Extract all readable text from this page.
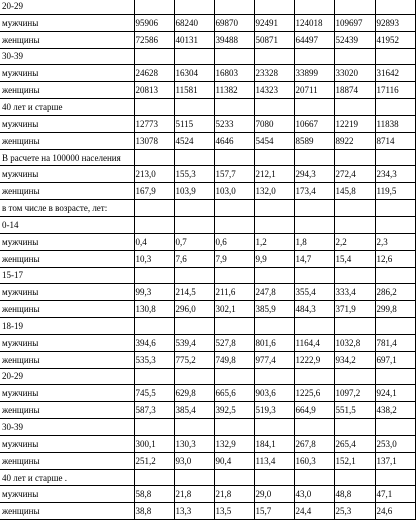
20-29							
мужчины	95906	68240	69870	92491	124018	109697	92893
женщины	72586	40131	39488	50871	64497	52439	41952
30-39							
мужчины	24628	16304	16803	23328	33899	33020	31642
женщины	20813	11581	11382	14323	20711	18874	17116
40 лет и старше							
мужчины	12773	5115	5233	7080	10667	12219	11838
женщины	13078	4524	4646	5454	8589	8922	8714
В расчете на 100000 населения							
мужчины	213,0	155,3	157,7	212,1	294,3	272,4	234,3
женщины	167,9	103,9	103,0	132,0	173,4	145,8	119,5
в том числе в возрасте, лет:							
0-14							
мужчины	0,4	0,7	0,6	1,2	1,8	2,2	2,3
женщины	10,3	7,6	7,9	9,9	14,7	15,4	12,6
15-17							
мужчины	99,3	214,5	211,6	247,8	355,4	333,4	286,2
женщины	130,8	296,0	302,1	385,9	484,3	371,9	299,8
18-19							
мужчины	394,6	539,4	527,8	801,6	1164,4	1032,8	781,4
женщины	535,3	775,2	749,8	977,4	1222,9	934,2	697,1
20-29							
мужчины	745,5	629,8	665,6	903,6	1225,6	1097,2	924,1
женщины	587,3	385,4	392,5	519,3	664,9	551,5	438,2
30-39							
мужчины	300,1	130,3	132,9	184,1	267,8	265,4	253,0
женщины	251,2	93,0	90,4	113,4	160,3	152,1	137,1
40 лет и старше .							
мужчины	58,8	21,8	21,8	29,0	43,0	48,8	47,1
женщины	38,8	13,3	13,5	15,7	24,4	25,3	24,6
